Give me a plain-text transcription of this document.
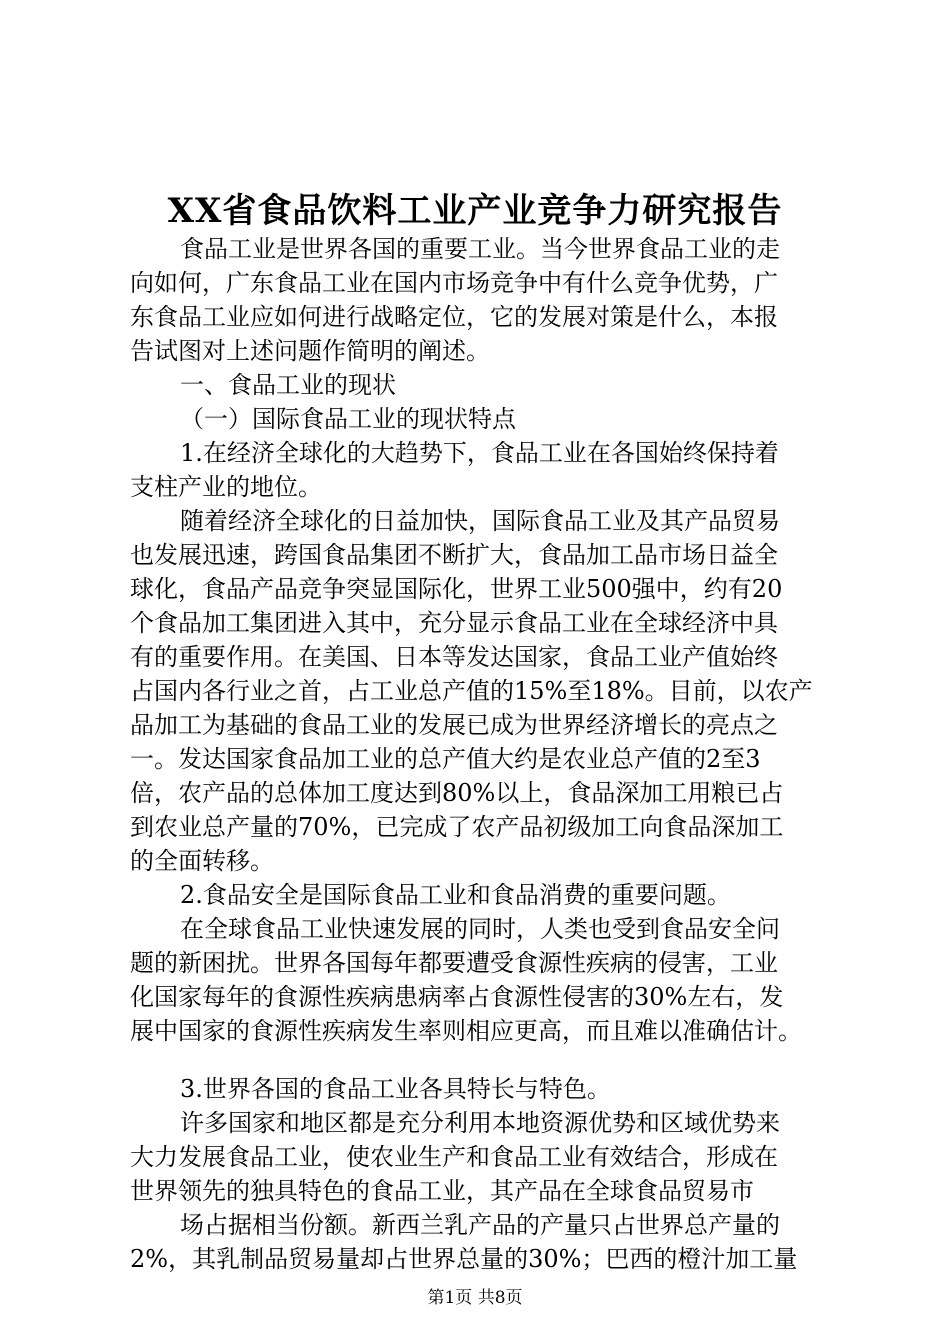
XX省食品饮料工业产业竞争力研究报告
食品工业是世界各国的重要工业。当今世界食品工业的走
向如何，广东食品工业在国内市场竞争中有什么竞争优势，广
东食品工业应如何进行战略定位，它的发展对策是什么，本报
告试图对上述问题作简明的阐述。
一、食品工业的现状
（一）国际食品工业的现状特点
1.在经济全球化的大趋势下，食品工业在各国始终保持着
支柱产业的地位。
随着经济全球化的日益加快，国际食品工业及其产品贸易
也发展迅速，跨国食品集团不断扩大，食品加工品市场日益全
球化，食品产品竞争突显国际化，世界工业500强中，约有20
个食品加工集团进入其中，充分显示食品工业在全球经济中具
有的重要作用。在美国、日本等发达国家，食品工业产值始终
占国内各行业之首，占工业总产值的15%至18%。目前，以农产
品加工为基础的食品工业的发展已成为世界经济增长的亮点之
一。发达国家食品加工业的总产值大约是农业总产值的2至3
倍，农产品的总体加工度达到80%以上，食品深加工用粮已占
到农业总产量的70%，已完成了农产品初级加工向食品深加工
的全面转移。
2.食品安全是国际食品工业和食品消费的重要问题。
在全球食品工业快速发展的同时，人类也受到食品安全问
题的新困扰。世界各国每年都要遭受食源性疾病的侵害，工业
化国家每年的食源性疾病患病率占食源性侵害的30%左右，发
展中国家的食源性疾病发生率则相应更高，而且难以准确估计。
3.世界各国的食品工业各具特长与特色。
许多国家和地区都是充分利用本地资源优势和区域优势来
大力发展食品工业，使农业生产和食品工业有效结合，形成在
世界领先的独具特色的食品工业，其产品在全球食品贸易市
场占据相当份额。新西兰乳产品的产量只占世界总产量的
2%，其乳制品贸易量却占世界总量的30%；巴西的橙汁加工量
第1页 共8页
